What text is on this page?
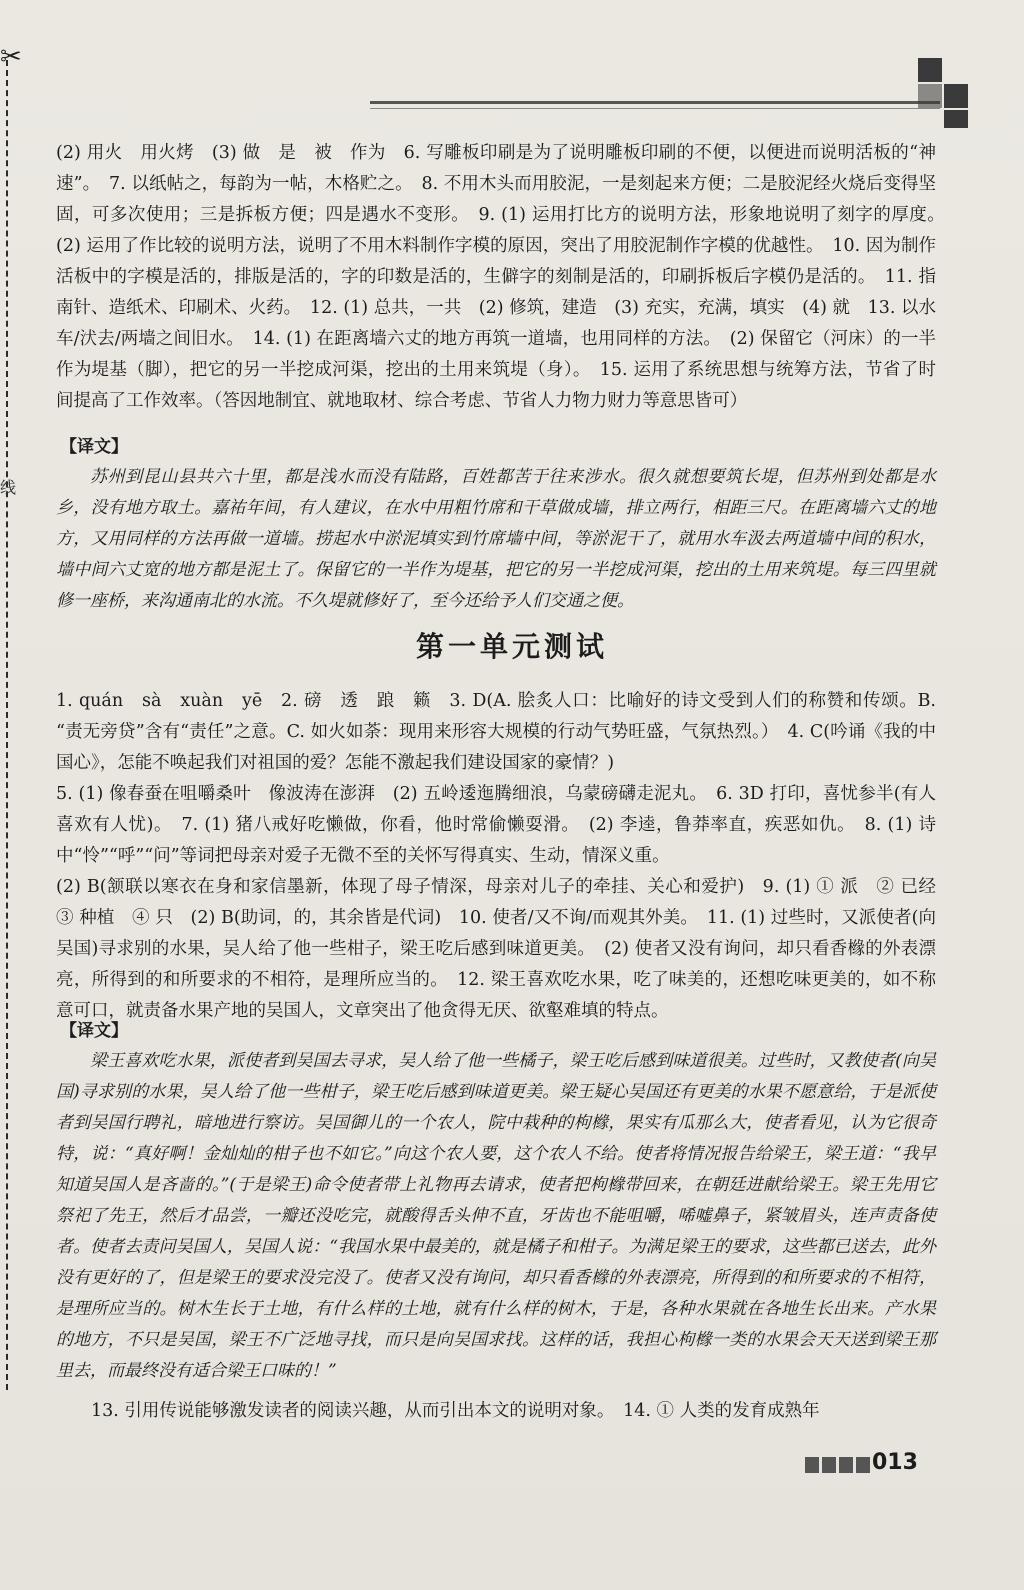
✂
线

(2) 用火　用火烤　(3) 做　是　被　作为　6. 写雕板印刷是为了说明雕板印刷的不便，以便进而说明活板的“神速”。　7. 以纸帖之，每韵为一帖，木格贮之。　8. 不用木头而用胶泥，一是刻起来方便；二是胶泥经火烧后变得坚固，可多次使用；三是拆板方便；四是遇水不变形。　9. (1) 运用打比方的说明方法，形象地说明了刻字的厚度。　(2) 运用了作比较的说明方法，说明了不用木料制作字模的原因，突出了用胶泥制作字模的优越性。　10. 因为制作活板中的字模是活的，排版是活的，字的印数是活的，生僻字的刻制是活的，印刷拆板后字模仍是活的。　11. 指南针、造纸术、印刷术、火药。　12. (1) 总共，一共　(2) 修筑，建造　(3) 充实，充满，填实　(4) 就　13. 以水车/汱去/两墙之间旧水。　14. (1) 在距离墙六丈的地方再筑一道墙，也用同样的方法。　(2) 保留它（河床）的一半作为堤基（脚），把它的另一半挖成河渠，挖出的土用来筑堤（身）。　15. 运用了系统思想与统筹方法，节省了时间提高了工作效率。（答因地制宜、就地取材、综合考虑、节省人力物力财力等意思皆可）

【译文】

苏州到昆山县共六十里，都是浅水而没有陆路，百姓都苦于往来涉水。很久就想要筑长堤，但苏州到处都是水乡，没有地方取土。嘉祐年间，有人建议，在水中用粗竹席和干草做成墙，排立两行，相距三尺。在距离墙六丈的地方，又用同样的方法再做一道墙。捞起水中淤泥填实到竹席墙中间，等淤泥干了，就用水车汲去两道墙中间的积水，墙中间六丈宽的地方都是泥土了。保留它的一半作为堤基，把它的另一半挖成河渠，挖出的土用来筑堤。每三四里就修一座桥，来沟通南北的水流。不久堤就修好了，至今还给予人们交通之便。

第一单元测试

1. quán　sà　xuàn　yē　2. 磅　透　踉　籁　3. D(A. 脍炙人口：比喻好的诗文受到人们的称赞和传颂。B. “责无旁贷”含有“责任”之意。C. 如火如荼：现用来形容大规模的行动气势旺盛，气氛热烈。）　4. C(吟诵《我的中国心》，怎能不唤起我们对祖国的爱？怎能不激起我们建设国家的豪情？)
5. (1) 像春蚕在咀嚼桑叶　像波涛在澎湃　(2) 五岭逶迤腾细浪，乌蒙磅礴走泥丸。　6. 3D 打印，喜忧参半(有人喜欢有人忧)。　7. (1) 猪八戒好吃懒做，你看，他时常偷懒耍滑。　(2) 李逵，鲁莽率直，疾恶如仇。　8. (1) 诗中“怜”“呼”“问”等词把母亲对爱子无微不至的关怀写得真实、生动，情深义重。
(2) B(颔联以寒衣在身和家信墨新，体现了母子情深，母亲对儿子的牵挂、关心和爱护)　9. (1) ① 派　② 已经　③ 种植　④ 只　(2) B(助词，的，其余皆是代词)　10. 使者/又不询/而观其外美。　11. (1) 过些时，又派使者(向吴国)寻求别的水果，吴人给了他一些柑子，梁王吃后感到味道更美。　(2) 使者又没有询问，却只看香橼的外表漂亮，所得到的和所要求的不相符，是理所应当的。　12. 梁王喜欢吃水果，吃了味美的，还想吃味更美的，如不称意可口，就责备水果产地的吴国人，文章突出了他贪得无厌、欲壑难填的特点。

【译文】

梁王喜欢吃水果，派使者到吴国去寻求，吴人给了他一些橘子，梁王吃后感到味道很美。过些时，又教使者(向吴国)寻求别的水果，吴人给了他一些柑子，梁王吃后感到味道更美。梁王疑心吴国还有更美的水果不愿意给，于是派使者到吴国行聘礼，暗地进行察访。吴国御儿的一个农人，院中栽种的枸橼，果实有瓜那么大，使者看见，认为它很奇特，说：“真好啊！金灿灿的柑子也不如它。”向这个农人要，这个农人不给。使者将情况报告给梁王，梁王道：“我早知道吴国人是吝啬的。”(于是梁王)命令使者带上礼物再去请求，使者把枸橼带回来，在朝廷进献给梁王。梁王先用它祭祀了先王，然后才品尝，一瓣还没吃完，就酸得舌头伸不直，牙齿也不能咀嚼，唏嘘鼻子，紧皱眉头，连声责备使者。使者去责问吴国人，吴国人说：“我国水果中最美的，就是橘子和柑子。为满足梁王的要求，这些都已送去，此外没有更好的了，但是梁王的要求没完没了。使者又没有询问，却只看香橼的外表漂亮，所得到的和所要求的不相符，是理所应当的。树木生长于土地，有什么样的土地，就有什么样的树木，于是，各种水果就在各地生长出来。产水果的地方，不只是吴国，梁王不广泛地寻找，而只是向吴国求找。这样的话，我担心枸橼一类的水果会天天送到梁王那里去，而最终没有适合梁王口味的！”

13. 引用传说能够激发读者的阅读兴趣，从而引出本文的说明对象。　14. ① 人类的发育成熟年
013
